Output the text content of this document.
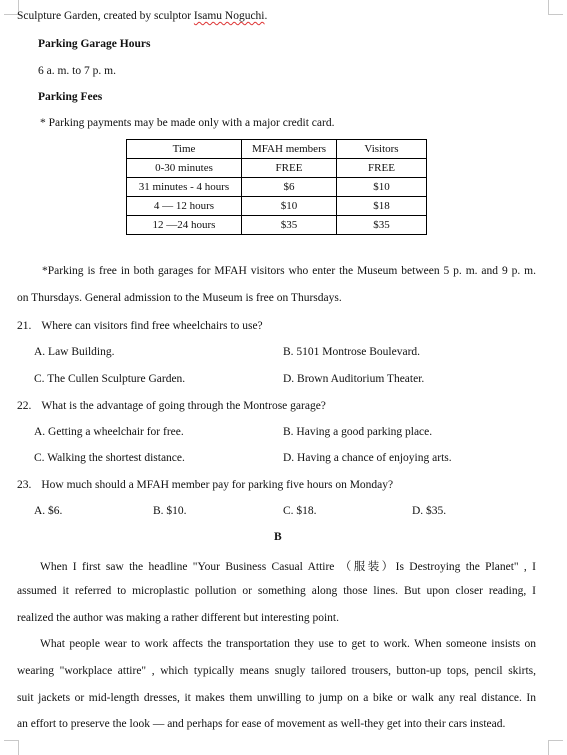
Sculpture Garden, created by sculptor Isamu Noguchi.
Parking Garage Hours
6 a. m. to 7 p. m.
Parking Fees
* Parking payments may be made only with a major credit card.
Time	MFAH members	Visitors
0-30 minutes	FREE	FREE
31 minutes - 4 hours	$6	$10
4 — 12 hours	$10	$18
12 —24 hours	$35	$35
*Parking is free in both garages for MFAH visitors who enter the Museum between 5 p. m. and 9 p. m.
on Thursdays. General admission to the Museum is free on Thursdays.
21. Where can visitors find free wheelchairs to use?
A. Law Building.	B. 5101 Montrose Boulevard.
C. The Cullen Sculpture Garden.	D. Brown Auditorium Theater.
22. What is the advantage of going through the Montrose garage?
A. Getting a wheelchair for free.	B. Having a good parking place.
C. Walking the shortest distance.	D. Having a chance of enjoying arts.
23. How much should a MFAH member pay for parking five hours on Monday?
A. $6.	B. $10.	C. $18.	D. $35.
B
When I first saw the headline "Your Business Casual Attire （服装）Is Destroying the Planet" , I
assumed it referred to microplastic pollution or something along those lines. But upon closer reading, I
realized the author was making a rather different but interesting point.
What people wear to work affects the transportation they use to get to work. When someone insists on
wearing "workplace attire" , which typically means snugly tailored trousers, button-up tops, pencil skirts,
suit jackets or mid-length dresses, it makes them unwilling to jump on a bike or walk any real distance. In
an effort to preserve the look — and perhaps for ease of movement as well-they get into their cars instead.
